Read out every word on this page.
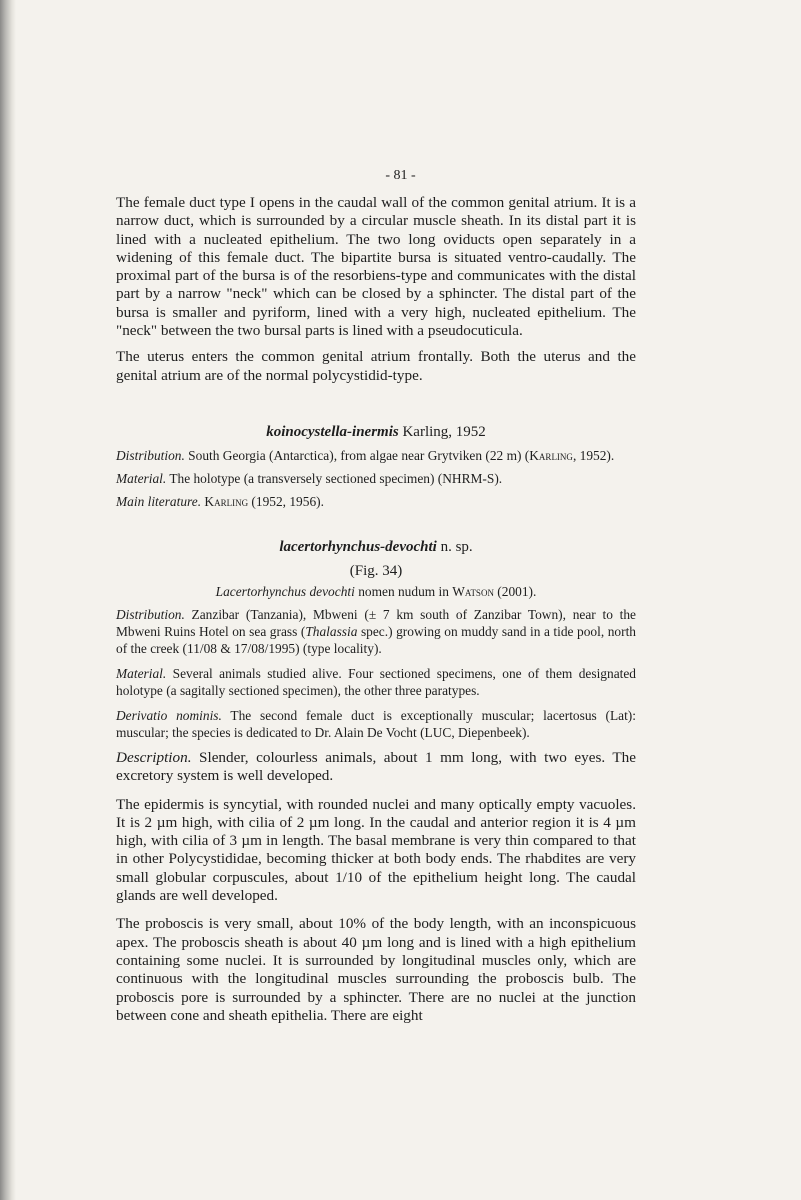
- 81 -

The female duct type I opens in the caudal wall of the common genital atrium. It is a narrow duct, which is surrounded by a circular muscle sheath. In its distal part it is lined with a nucleated epithelium. The two long oviducts open separately in a widening of this female duct. The bipartite bursa is situated ventro-caudally. The proximal part of the bursa is of the resorbiens-type and communicates with the distal part by a narrow "neck" which can be closed by a sphincter. The distal part of the bursa is smaller and pyriform, lined with a very high, nucleated epithelium. The "neck" between the two bursal parts is lined with a pseudocuticula.

The uterus enters the common genital atrium frontally. Both the uterus and the genital atrium are of the normal polycystidid-type.

koinocystella-inermis Karling, 1952

Distribution. South Georgia (Antarctica), from algae near Grytviken (22 m) (Karling, 1952).

Material. The holotype (a transversely sectioned specimen) (NHRM-S).

Main literature. Karling (1952, 1956).

lacertorhynchus-devochti n. sp.
(Fig. 34)

Lacertorhynchus devochti nomen nudum in Watson (2001).

Distribution. Zanzibar (Tanzania), Mbweni (± 7 km south of Zanzibar Town), near to the Mbweni Ruins Hotel on sea grass (Thalassia spec.) growing on muddy sand in a tide pool, north of the creek (11/08 & 17/08/1995) (type locality).

Material. Several animals studied alive. Four sectioned specimens, one of them designated holotype (a sagitally sectioned specimen), the other three paratypes.

Derivatio nominis. The second female duct is exceptionally muscular; lacertosus (Lat): muscular; the species is dedicated to Dr. Alain De Vocht (LUC, Diepenbeek).

Description. Slender, colourless animals, about 1 mm long, with two eyes. The excretory system is well developed.

The epidermis is syncytial, with rounded nuclei and many optically empty vacuoles. It is 2 µm high, with cilia of 2 µm long. In the caudal and anterior region it is 4 µm high, with cilia of 3 µm in length. The basal membrane is very thin compared to that in other Polycystididae, becoming thicker at both body ends. The rhabdites are very small globular corpuscules, about 1/10 of the epithelium height long. The caudal glands are well developed.

The proboscis is very small, about 10% of the body length, with an inconspicuous apex. The proboscis sheath is about 40 µm long and is lined with a high epithelium containing some nuclei. It is surrounded by longitudinal muscles only, which are continuous with the longitudinal muscles surrounding the proboscis bulb. The proboscis pore is surrounded by a sphincter. There are no nuclei at the junction between cone and sheath epithelia. There are eight
